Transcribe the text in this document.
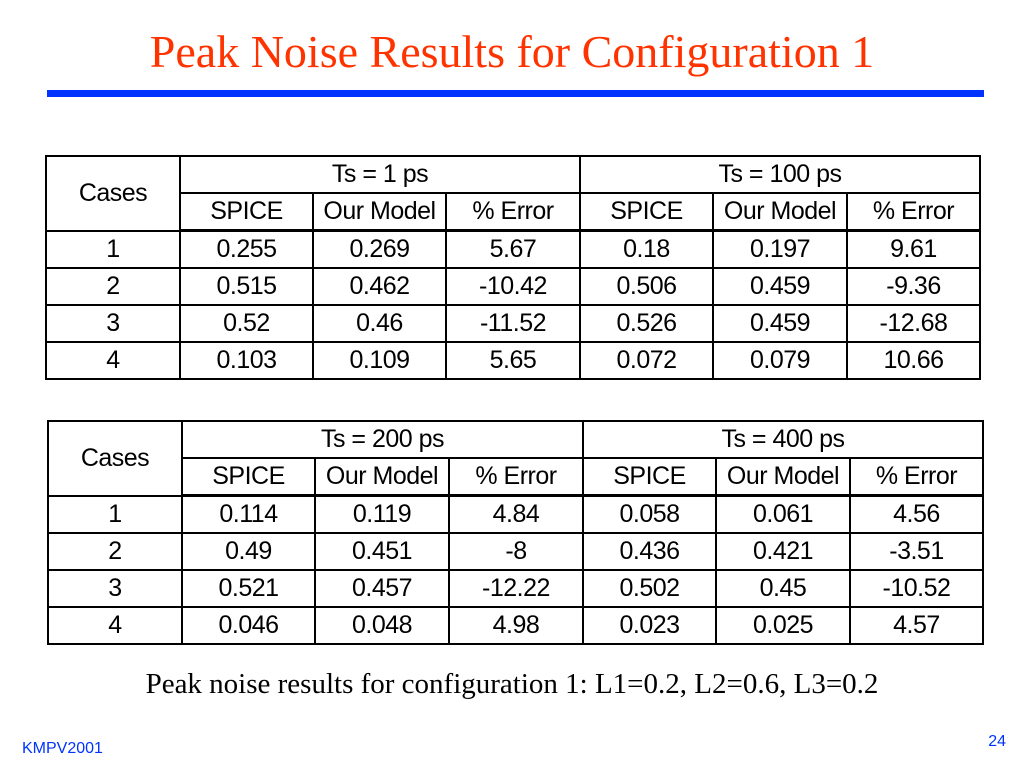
Peak Noise Results for Configuration 1
Cases	Ts = 1 ps			Ts = 100 ps		
	SPICE	Our Model	% Error	SPICE	Our Model	% Error
1	0.255	0.269	5.67	0.18	0.197	9.61
2	0.515	0.462	-10.42	0.506	0.459	-9.36
3	0.52	0.46	-11.52	0.526	0.459	-12.68
4	0.103	0.109	5.65	0.072	0.079	10.66
Cases	Ts = 200 ps			Ts = 400 ps		
	SPICE	Our Model	% Error	SPICE	Our Model	% Error
1	0.114	0.119	4.84	0.058	0.061	4.56
2	0.49	0.451	-8	0.436	0.421	-3.51
3	0.521	0.457	-12.22	0.502	0.45	-10.52
4	0.046	0.048	4.98	0.023	0.025	4.57
Peak noise results for configuration 1: L1=0.2, L2=0.6, L3=0.2
KMPV2001	24
